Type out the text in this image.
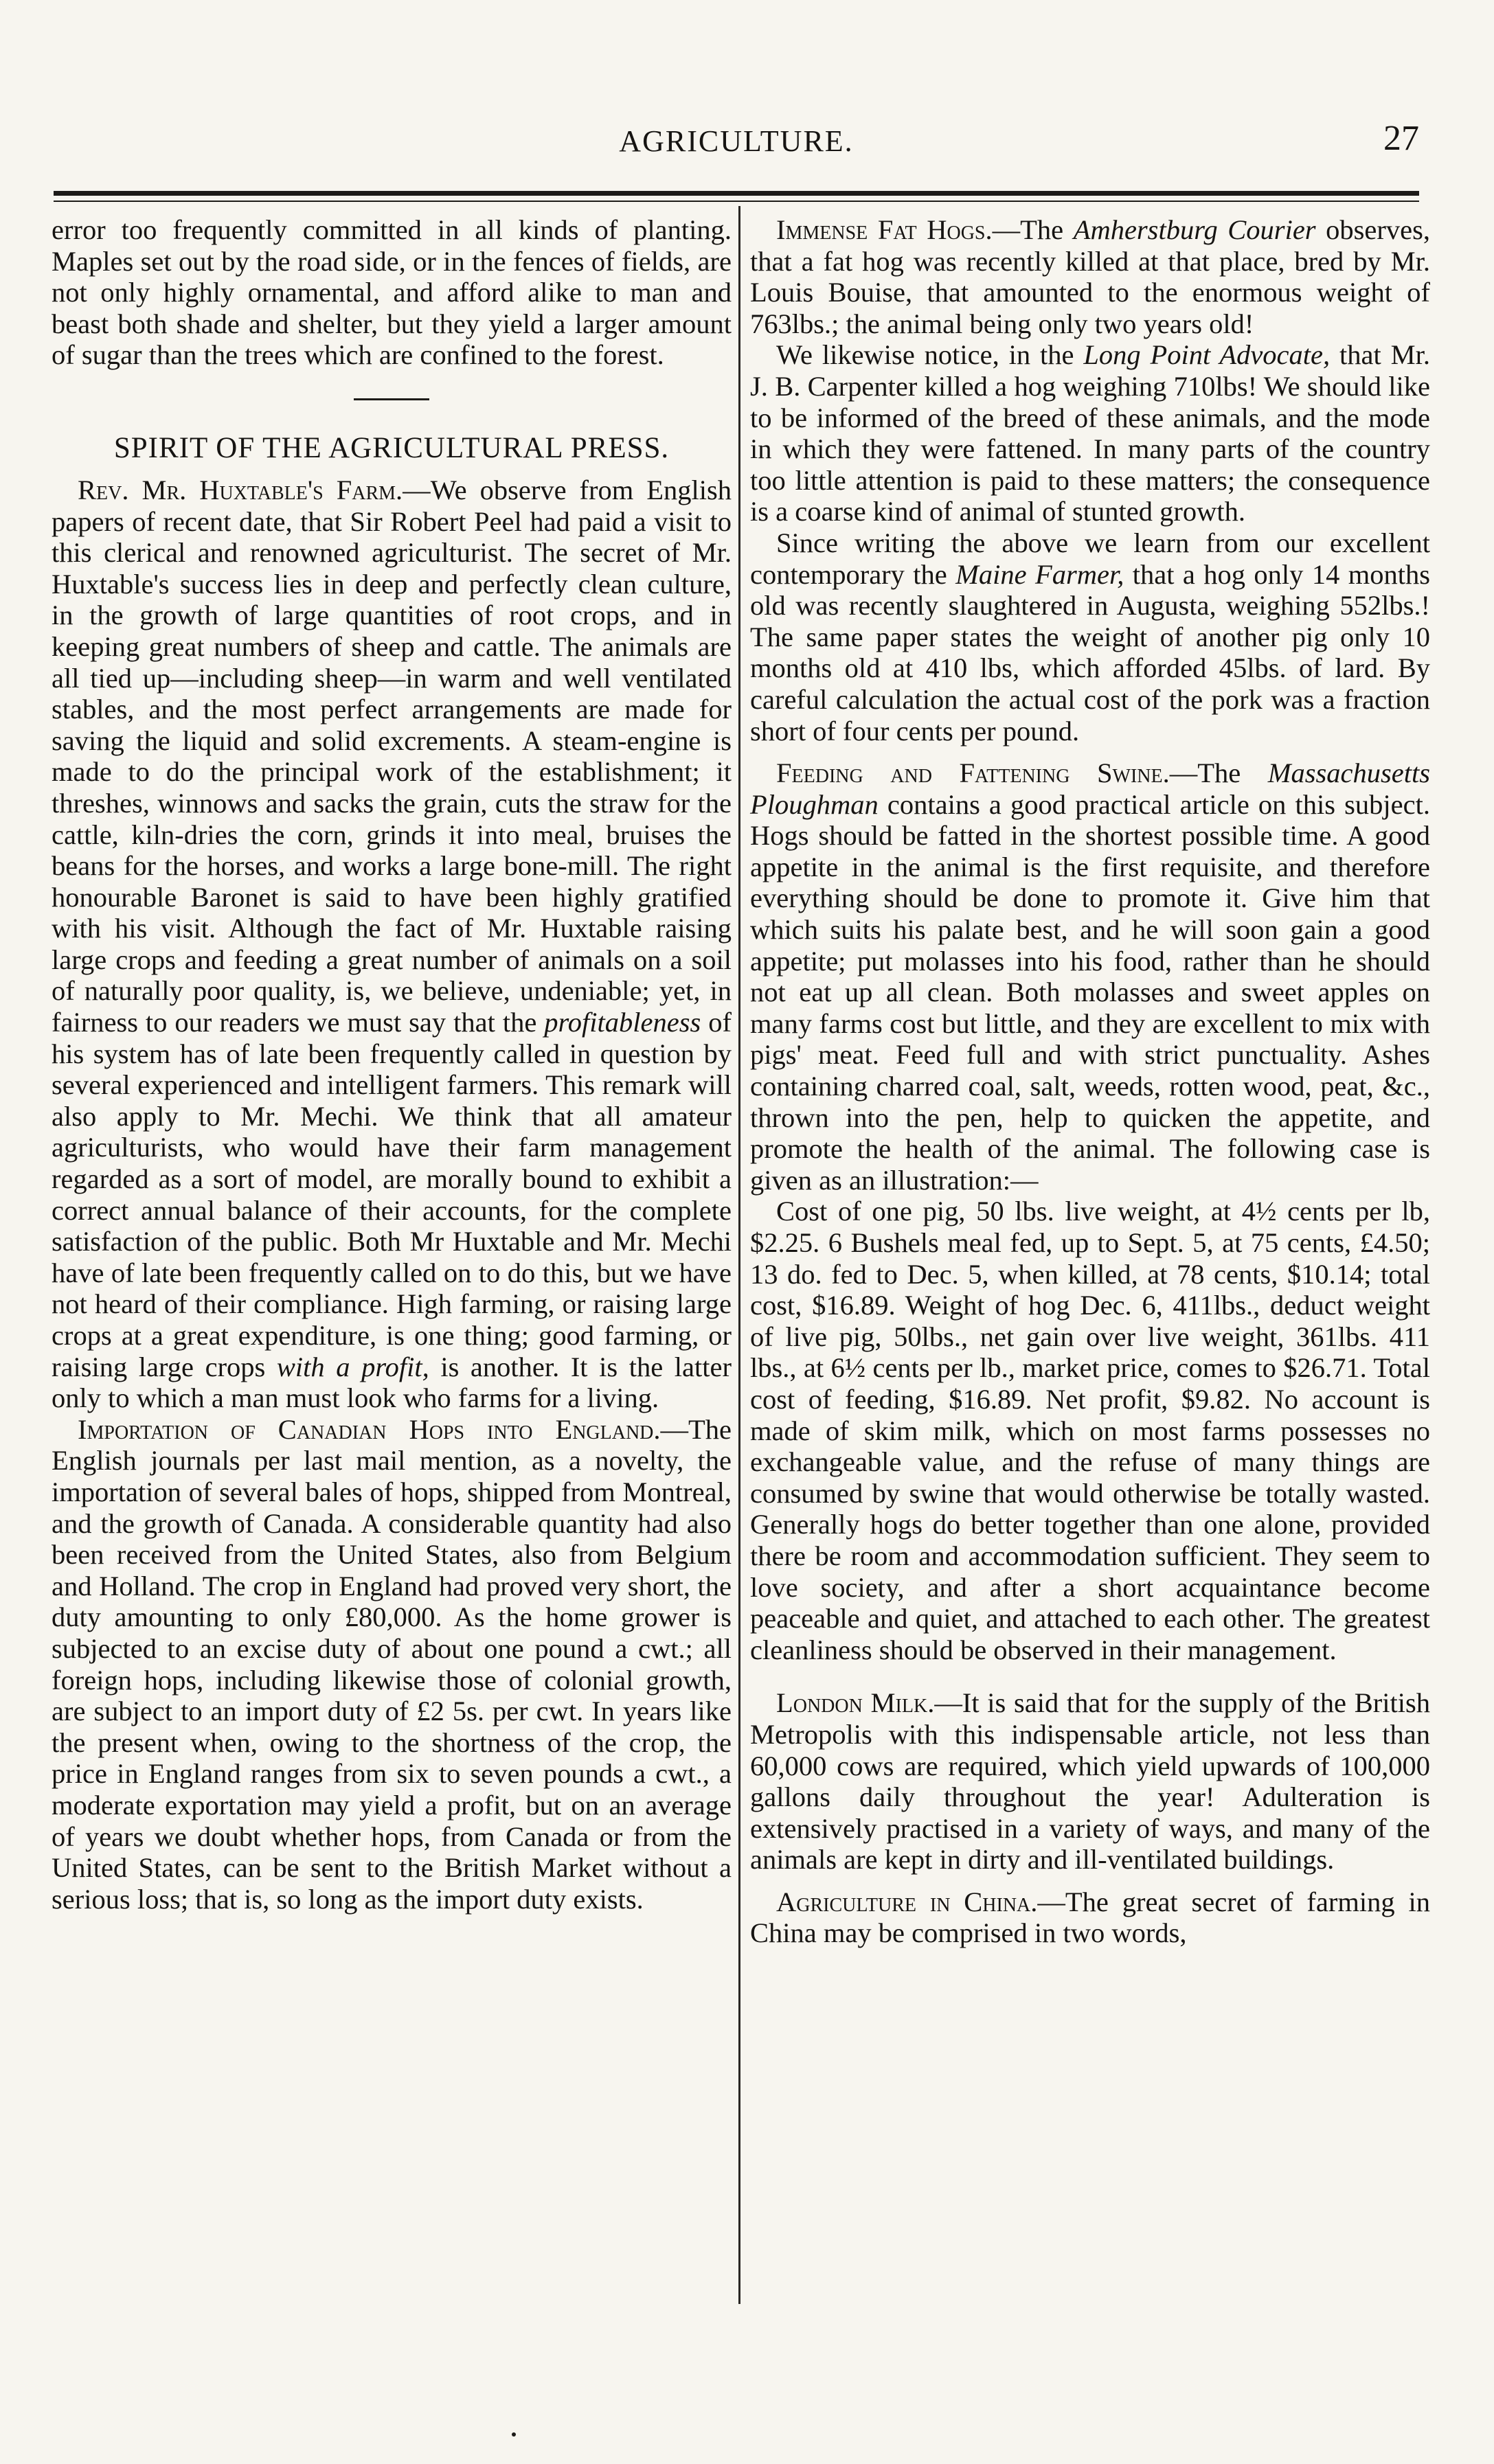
AGRICULTURE.	27

error too frequently committed in all kinds of planting. Maples set out by the road side, or in the fences of fields, are not only highly ornamental, and afford alike to man and beast both shade and shelter, but they yield a larger amount of sugar than the trees which are confined to the forest.

SPIRIT OF THE AGRICULTURAL PRESS.

Rev. Mr. Huxtable's Farm.—We observe from English papers of recent date, that Sir Robert Peel had paid a visit to this clerical and renowned agriculturist. The secret of Mr. Huxtable's success lies in deep and perfectly clean culture, in the growth of large quantities of root crops, and in keeping great numbers of sheep and cattle. The animals are all tied up—including sheep—in warm and well ventilated stables, and the most perfect arrangements are made for saving the liquid and solid excrements. A steam-engine is made to do the principal work of the establishment; it threshes, winnows and sacks the grain, cuts the straw for the cattle, kiln-dries the corn, grinds it into meal, bruises the beans for the horses, and works a large bone-mill. The right honourable Baronet is said to have been highly gratified with his visit. Although the fact of Mr. Huxtable raising large crops and feeding a great number of animals on a soil of naturally poor quality, is, we believe, undeniable; yet, in fairness to our readers we must say that the profitableness of his system has of late been frequently called in question by several experienced and intelligent farmers. This remark will also apply to Mr. Mechi. We think that all amateur agriculturists, who would have their farm management regarded as a sort of model, are morally bound to exhibit a correct annual balance of their accounts, for the complete satisfaction of the public. Both Mr Huxtable and Mr. Mechi have of late been frequently called on to do this, but we have not heard of their compliance. High farming, or raising large crops at a great expenditure, is one thing; good farming, or raising large crops with a profit, is another. It is the latter only to which a man must look who farms for a living.

Importation of Canadian Hops into England.—The English journals per last mail mention, as a novelty, the importation of several bales of hops, shipped from Montreal, and the growth of Canada. A considerable quantity had also been received from the United States, also from Belgium and Holland. The crop in England had proved very short, the duty amounting to only £80,000. As the home grower is subjected to an excise duty of about one pound a cwt.; all foreign hops, including likewise those of colonial growth, are subject to an import duty of £2 5s. per cwt. In years like the present when, owing to the shortness of the crop, the price in England ranges from six to seven pounds a cwt., a moderate exportation may yield a profit, but on an average of years we doubt whether hops, from Canada or from the United States, can be sent to the British Market without a serious loss; that is, so long as the import duty exists.

Immense Fat Hogs.—The Amherstburg Courier observes, that a fat hog was recently killed at that place, bred by Mr. Louis Bouise, that amounted to the enormous weight of 763lbs.; the animal being only two years old!

We likewise notice, in the Long Point Advocate, that Mr. J. B. Carpenter killed a hog weighing 710lbs! We should like to be informed of the breed of these animals, and the mode in which they were fattened. In many parts of the country too little attention is paid to these matters; the consequence is a coarse kind of animal of stunted growth.

Since writing the above we learn from our excellent contemporary the Maine Farmer, that a hog only 14 months old was recently slaughtered in Augusta, weighing 552lbs.! The same paper states the weight of another pig only 10 months old at 410 lbs, which afforded 45lbs. of lard. By careful calculation the actual cost of the pork was a fraction short of four cents per pound.

Feeding and Fattening Swine.—The Massachusetts Ploughman contains a good practical article on this subject. Hogs should be fatted in the shortest possible time. A good appetite in the animal is the first requisite, and therefore everything should be done to promote it. Give him that which suits his palate best, and he will soon gain a good appetite; put molasses into his food, rather than he should not eat up all clean. Both molasses and sweet apples on many farms cost but little, and they are excellent to mix with pigs' meat. Feed full and with strict punctuality. Ashes containing charred coal, salt, weeds, rotten wood, peat, &c., thrown into the pen, help to quicken the appetite, and promote the health of the animal. The following case is given as an illustration:—

Cost of one pig, 50 lbs. live weight, at 4½ cents per lb, $2.25. 6 Bushels meal fed, up to Sept. 5, at 75 cents, £4.50; 13 do. fed to Dec. 5, when killed, at 78 cents, $10.14; total cost, $16.89. Weight of hog Dec. 6, 411lbs., deduct weight of live pig, 50lbs., net gain over live weight, 361lbs. 411 lbs., at 6½ cents per lb., market price, comes to $26.71. Total cost of feeding, $16.89. Net profit, $9.82. No account is made of skim milk, which on most farms possesses no exchangeable value, and the refuse of many things are consumed by swine that would otherwise be totally wasted. Generally hogs do better together than one alone, provided there be room and accommodation sufficient. They seem to love society, and after a short acquaintance become peaceable and quiet, and attached to each other. The greatest cleanliness should be observed in their management.

London Milk.—It is said that for the supply of the British Metropolis with this indispensable article, not less than 60,000 cows are required, which yield upwards of 100,000 gallons daily throughout the year! Adulteration is extensively practised in a variety of ways, and many of the animals are kept in dirty and ill-ventilated buildings.

Agriculture in China.—The great secret of farming in China may be comprised in two words,
